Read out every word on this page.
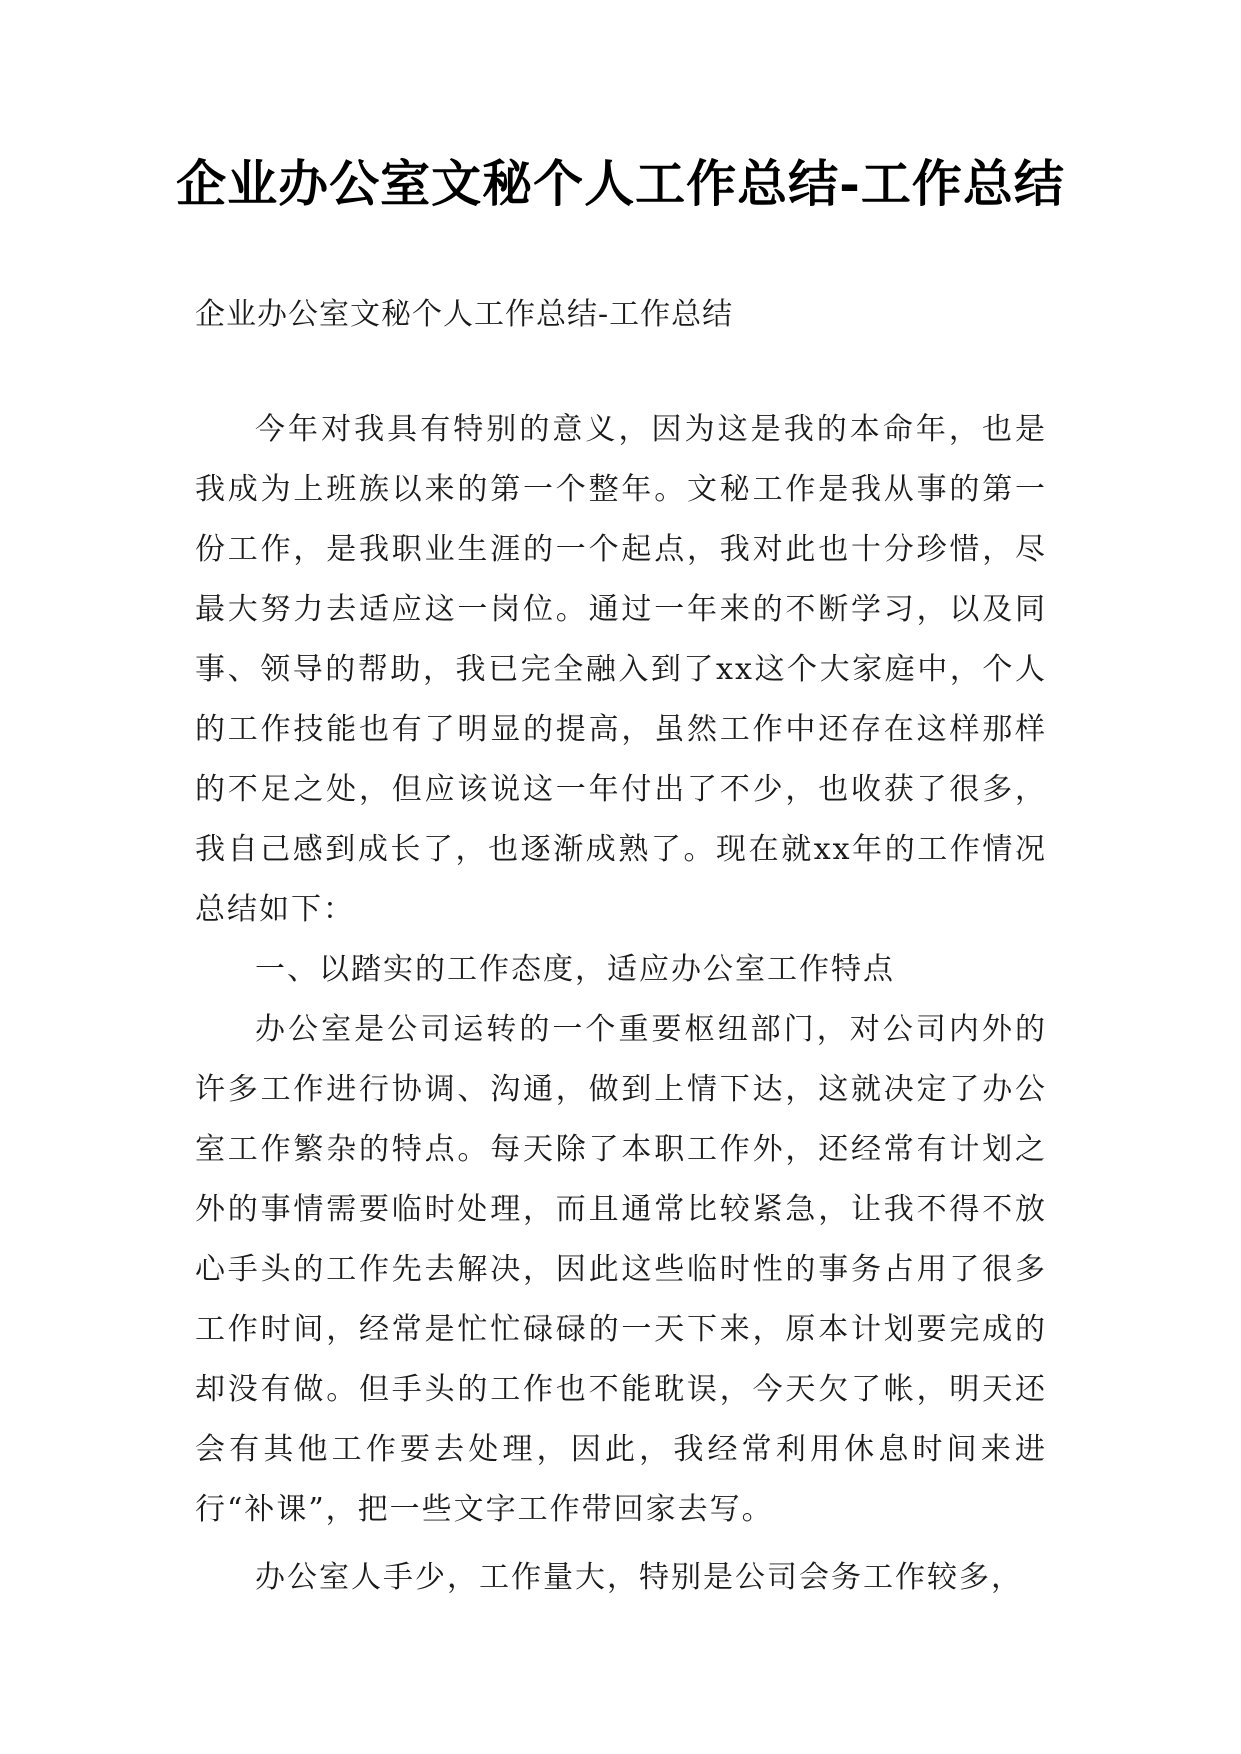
企业办公室文秘个人工作总结-工作总结
企业办公室文秘个人工作总结-工作总结

今年对我具有特别的意义，因为这是我的本命年，也是我成为上班族以来的第一个整年。文秘工作是我从事的第一份工作，是我职业生涯的一个起点，我对此也十分珍惜，尽最大努力去适应这一岗位。通过一年来的不断学习，以及同事、领导的帮助，我已完全融入到了xx这个大家庭中，个人的工作技能也有了明显的提高，虽然工作中还存在这样那样的不足之处，但应该说这一年付出了不少，也收获了很多，我自己感到成长了，也逐渐成熟了。现在就xx年的工作情况总结如下：

一、以踏实的工作态度，适应办公室工作特点

办公室是公司运转的一个重要枢纽部门，对公司内外的许多工作进行协调、沟通，做到上情下达，这就决定了办公室工作繁杂的特点。每天除了本职工作外，还经常有计划之外的事情需要临时处理，而且通常比较紧急，让我不得不放心手头的工作先去解决，因此这些临时性的事务占用了很多工作时间，经常是忙忙碌碌的一天下来，原本计划要完成的却没有做。但手头的工作也不能耽误，今天欠了帐，明天还会有其他工作要去处理，因此，我经常利用休息时间来进行“补课”，把一些文字工作带回家去写。

办公室人手少，工作量大，特别是公司会务工作较多，
